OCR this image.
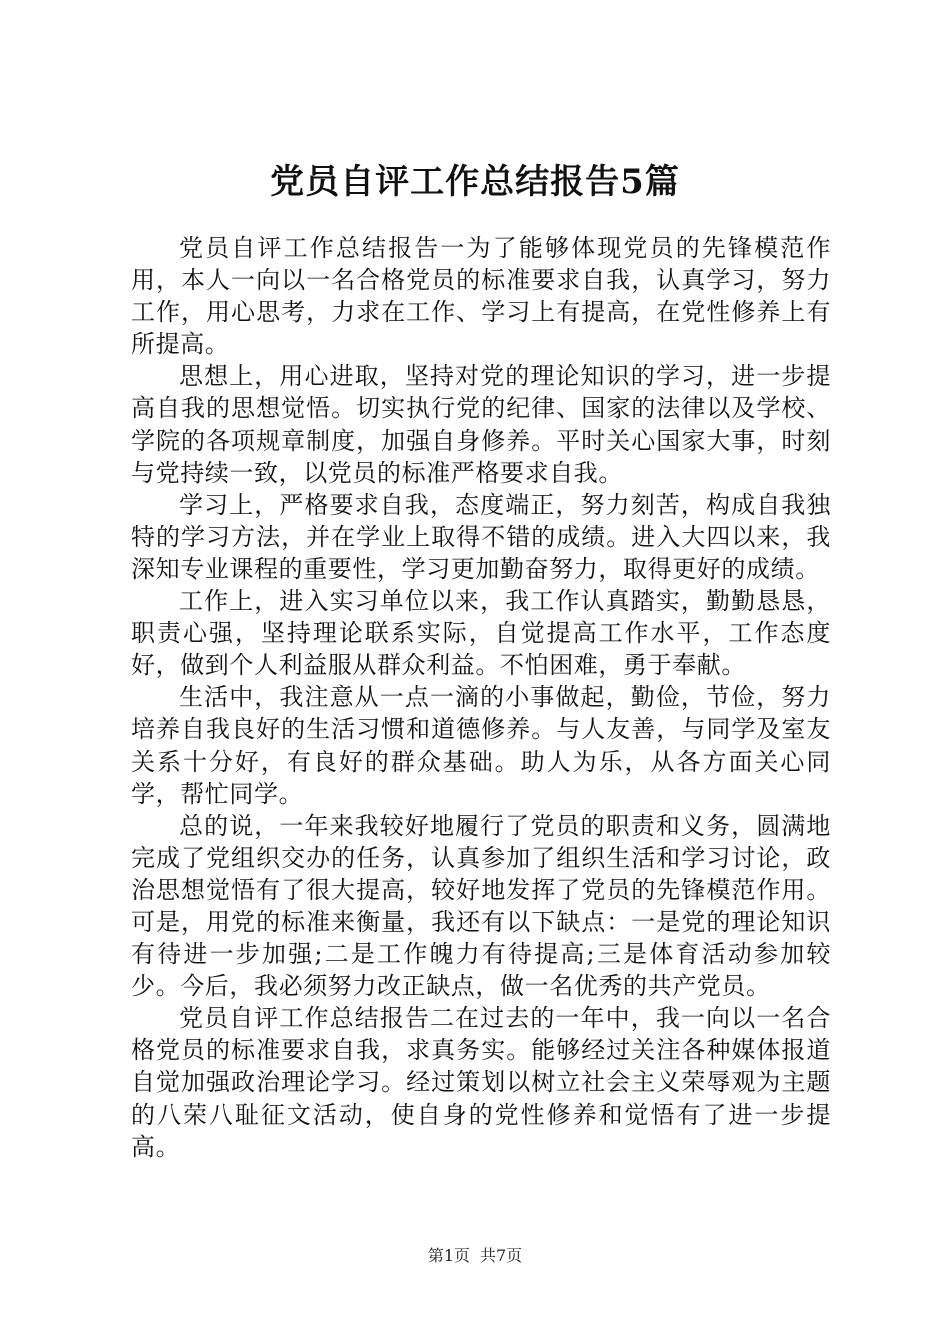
党员自评工作总结报告5篇

党员自评工作总结报告一为了能够体现党员的先锋模范作用，本人一向以一名合格党员的标准要求自我，认真学习，努力工作，用心思考，力求在工作、学习上有提高，在党性修养上有所提高。

思想上，用心进取，坚持对党的理论知识的学习，进一步提高自我的思想觉悟。切实执行党的纪律、国家的法律以及学校、学院的各项规章制度，加强自身修养。平时关心国家大事，时刻与党持续一致，以党员的标准严格要求自我。

学习上，严格要求自我，态度端正，努力刻苦，构成自我独特的学习方法，并在学业上取得不错的成绩。进入大四以来，我深知专业课程的重要性，学习更加勤奋努力，取得更好的成绩。

工作上，进入实习单位以来，我工作认真踏实，勤勤恳恳，职责心强，坚持理论联系实际，自觉提高工作水平，工作态度好，做到个人利益服从群众利益。不怕困难，勇于奉献。

生活中，我注意从一点一滴的小事做起，勤俭，节俭，努力培养自我良好的生活习惯和道德修养。与人友善，与同学及室友关系十分好，有良好的群众基础。助人为乐，从各方面关心同学，帮忙同学。

总的说，一年来我较好地履行了党员的职责和义务，圆满地完成了党组织交办的任务，认真参加了组织生活和学习讨论，政治思想觉悟有了很大提高，较好地发挥了党员的先锋模范作用。可是，用党的标准来衡量，我还有以下缺点：一是党的理论知识有待进一步加强;二是工作魄力有待提高;三是体育活动参加较少。今后，我必须努力改正缺点，做一名优秀的共产党员。

党员自评工作总结报告二在过去的一年中，我一向以一名合格党员的标准要求自我，求真务实。能够经过关注各种媒体报道自觉加强政治理论学习。经过策划以树立社会主义荣辱观为主题的八荣八耻征文活动，使自身的党性修养和觉悟有了进一步提高。

第1页 共7页
